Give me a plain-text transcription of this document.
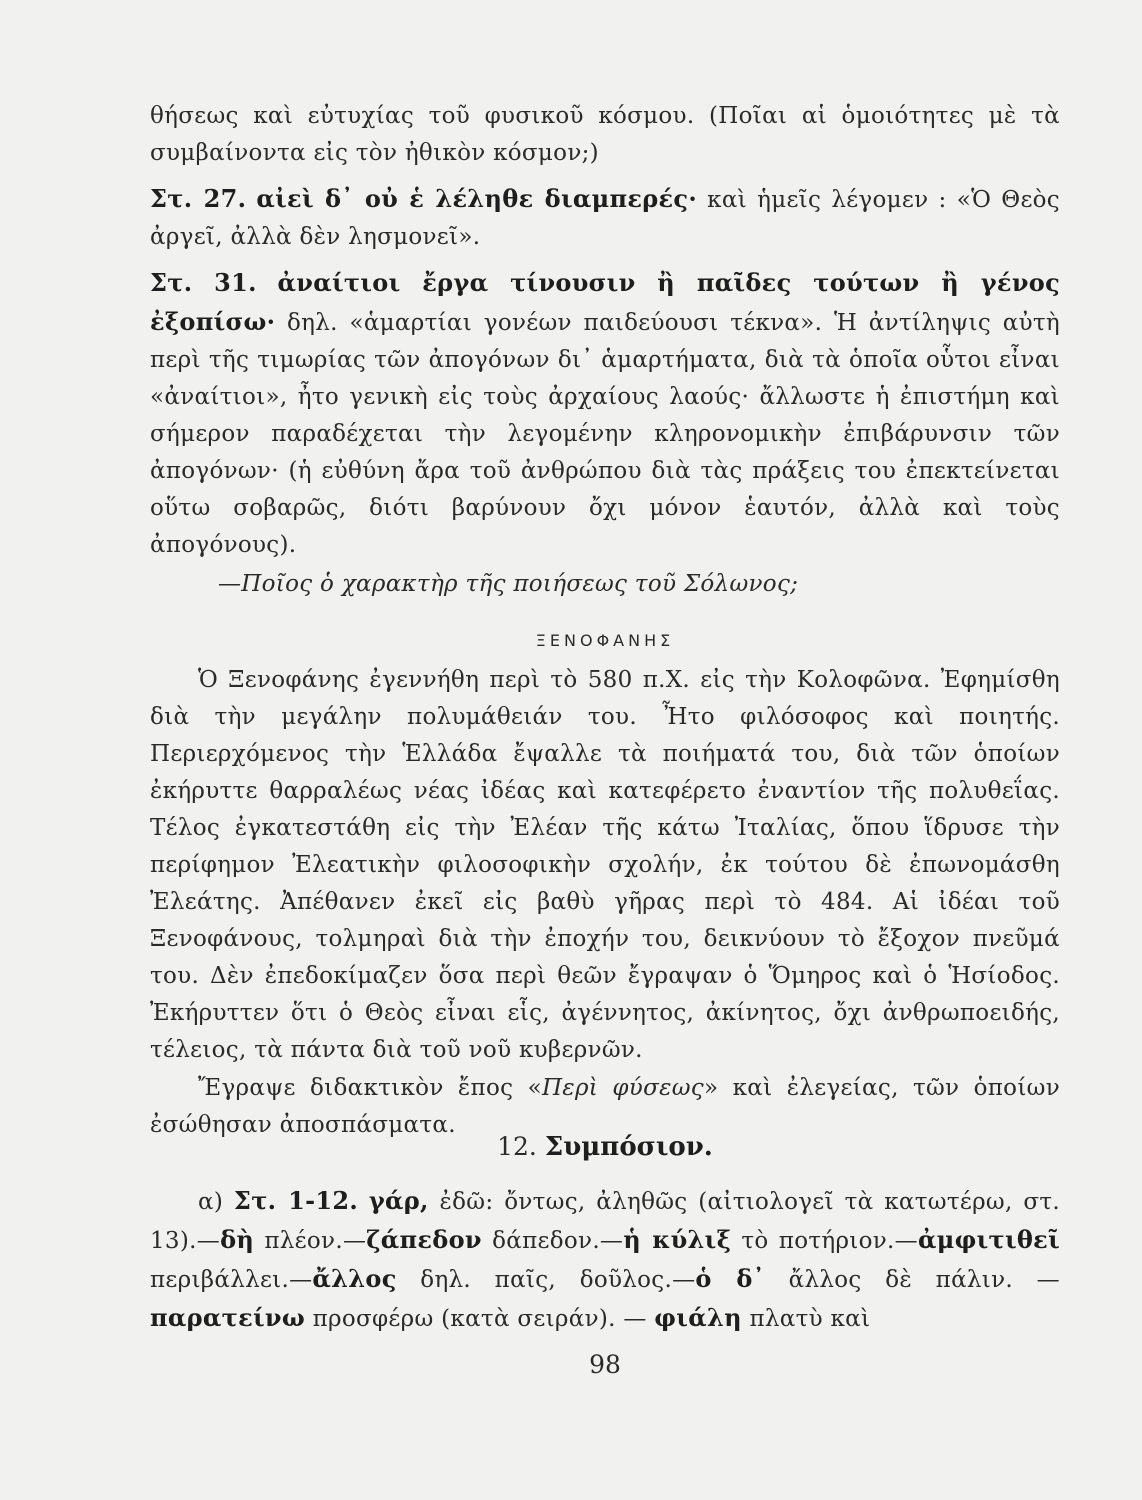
θήσεως καὶ εὐτυχίας τοῦ φυσικοῦ κόσμου. (Ποῖαι αἱ ὁμοιότητες μὲ τὰ συμβαίνοντα εἰς τὸν ἠθικὸν κόσμον;)

Στ. 27. αἰεὶ δ᾽ οὐ ἑ λέληθε διαμπερές· καὶ ἡμεῖς λέγομεν : «Ὁ Θεὸς ἀργεῖ, ἀλλὰ δὲν λησμονεῖ».

Στ. 31. ἀναίτιοι ἔργα τίνουσιν ἢ παῖδες τούτων ἢ γένος ἐξοπίσω· δηλ. «ἁμαρτίαι γονέων παιδεύουσι τέκνα». Ἡ ἀντίληψις αὐτὴ περὶ τῆς τιμωρίας τῶν ἀπογόνων δι᾽ ἁμαρτήματα, διὰ τὰ ὁποῖα οὗτοι εἶναι «ἀναίτιοι», ἦτο γενικὴ εἰς τοὺς ἀρχαίους λαούς· ἄλλωστε ἡ ἐπιστήμη καὶ σήμερον παραδέχεται τὴν λεγομένην κληρονομικὴν ἐπιβάρυνσιν τῶν ἀπογόνων· (ἡ εὐθύνη ἄρα τοῦ ἀνθρώπου διὰ τὰς πράξεις του ἐπεκτείνεται οὕτω σοβαρῶς, διότι βαρύνουν ὄχι μόνον ἑαυτόν, ἀλλὰ καὶ τοὺς ἀπογόνους).

—Ποῖος ὁ χαρακτὴρ τῆς ποιήσεως τοῦ Σόλωνος;

ΞΕΝΟΦΑΝΗΣ

Ὁ Ξενοφάνης ἐγεννήθη περὶ τὸ 580 π.Χ. εἰς τὴν Κολοφῶνα. Ἐφημίσθη διὰ τὴν μεγάλην πολυμάθειάν του. Ἦτο φιλόσοφος καὶ ποιητής. Περιερχόμενος τὴν Ἑλλάδα ἔψαλλε τὰ ποιήματά του, διὰ τῶν ὁποίων ἐκήρυττε θαρραλέως νέας ἰδέας καὶ κατεφέρετο ἐναντίον τῆς πολυθεΐας. Τέλος ἐγκατεστάθη εἰς τὴν Ἐλέαν τῆς κάτω Ἰταλίας, ὅπου ἵδρυσε τὴν περίφημον Ἐλεατικὴν φιλοσοφικὴν σχολήν, ἐκ τούτου δὲ ἐπωνομάσθη Ἐλεάτης. Ἀπέθανεν ἐκεῖ εἰς βαθὺ γῆρας περὶ τὸ 484. Αἱ ἰδέαι τοῦ Ξενοφάνους, τολμηραὶ διὰ τὴν ἐποχήν του, δεικνύουν τὸ ἔξοχον πνεῦμά του. Δὲν ἐπεδοκίμαζεν ὅσα περὶ θεῶν ἔγραψαν ὁ Ὅμηρος καὶ ὁ Ἡσίοδος. Ἐκήρυττεν ὅτι ὁ Θεὸς εἶναι εἷς, ἀγέννητος, ἀκίνητος, ὄχι ἀνθρωποειδής, τέλειος, τὰ πάντα διὰ τοῦ νοῦ κυβερνῶν.

Ἔγραψε διδακτικὸν ἔπος «Περὶ φύσεως» καὶ ἐλεγείας, τῶν ὁποίων ἐσώθησαν ἀποσπάσματα.

12. Συμπόσιον.

α) Στ. 1-12. γάρ, ἐδῶ: ὄντως, ἀληθῶς (αἰτιολογεῖ τὰ κατωτέρω, στ. 13).—δὴ πλέον.—ζάπεδον δάπεδον.—ἡ κύλιξ τὸ ποτήριον.—ἀμφιτιθεῖ περιβάλλει.—ἄλλος δηλ. παῖς, δοῦλος.—ὁ δ᾽ ἄλλος δὲ πάλιν. — παρατείνω προσφέρω (κατὰ σειράν). — φιάλη πλατὺ καὶ

98
